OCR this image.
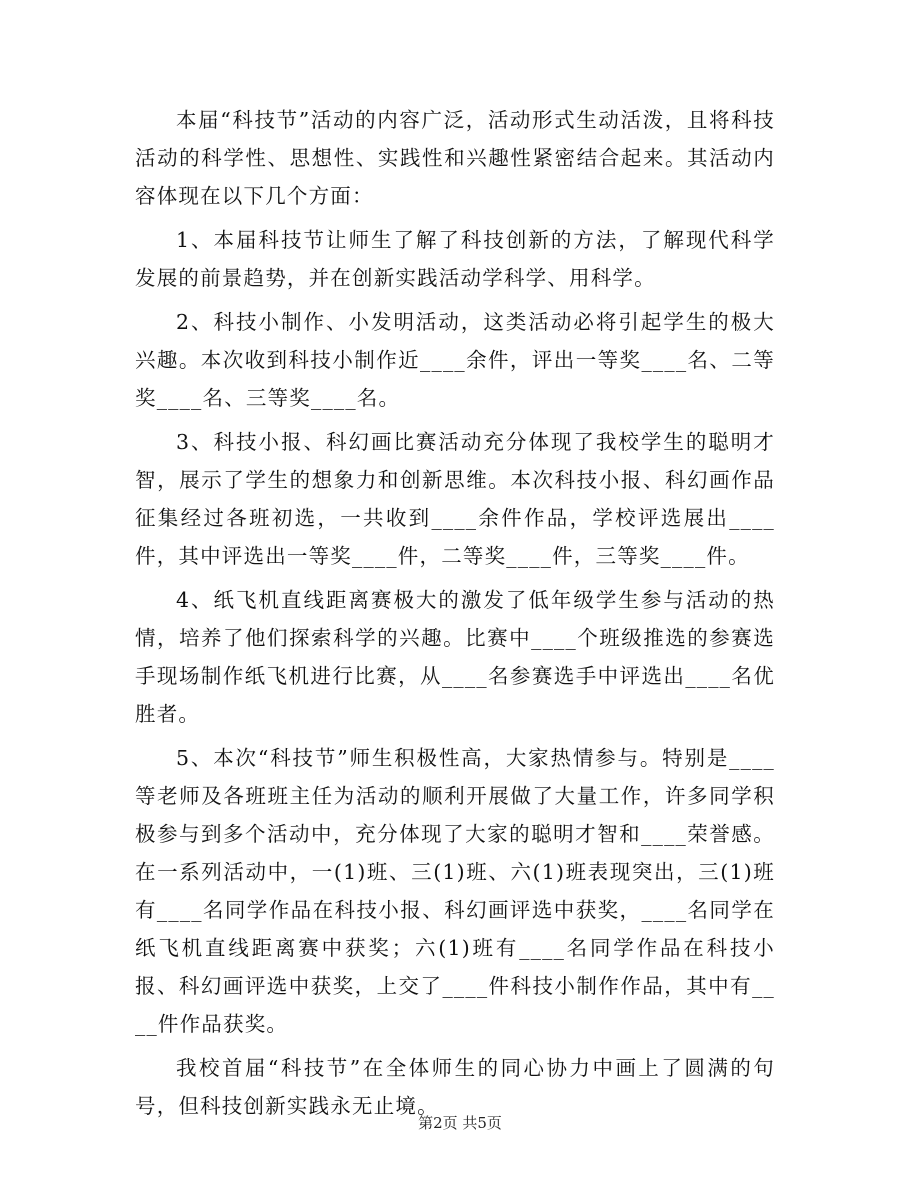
本届“科技节”活动的内容广泛，活动形式生动活泼，且将科技活动的科学性、思想性、实践性和兴趣性紧密结合起来。其活动内容体现在以下几个方面：

1、本届科技节让师生了解了科技创新的方法，了解现代科学发展的前景趋势，并在创新实践活动学科学、用科学。

2、科技小制作、小发明活动，这类活动必将引起学生的极大兴趣。本次收到科技小制作近____余件，评出一等奖____名、二等奖____名、三等奖____名。

3、科技小报、科幻画比赛活动充分体现了我校学生的聪明才智，展示了学生的想象力和创新思维。本次科技小报、科幻画作品征集经过各班初选，一共收到____余件作品，学校评选展出____件，其中评选出一等奖____件，二等奖____件，三等奖____件。

4、纸飞机直线距离赛极大的激发了低年级学生参与活动的热情，培养了他们探索科学的兴趣。比赛中____个班级推选的参赛选手现场制作纸飞机进行比赛，从____名参赛选手中评选出____名优胜者。

5、本次“科技节”师生积极性高，大家热情参与。特别是____等老师及各班班主任为活动的顺利开展做了大量工作，许多同学积极参与到多个活动中，充分体现了大家的聪明才智和____荣誉感。在一系列活动中，一(1)班、三(1)班、六(1)班表现突出，三(1)班有____名同学作品在科技小报、科幻画评选中获奖，____名同学在纸飞机直线距离赛中获奖；六(1)班有____名同学作品在科技小报、科幻画评选中获奖，上交了____件科技小制作作品，其中有____件作品获奖。

我校首届“科技节”在全体师生的同心协力中画上了圆满的句号，但科技创新实践永无止境。

第2页 共5页
